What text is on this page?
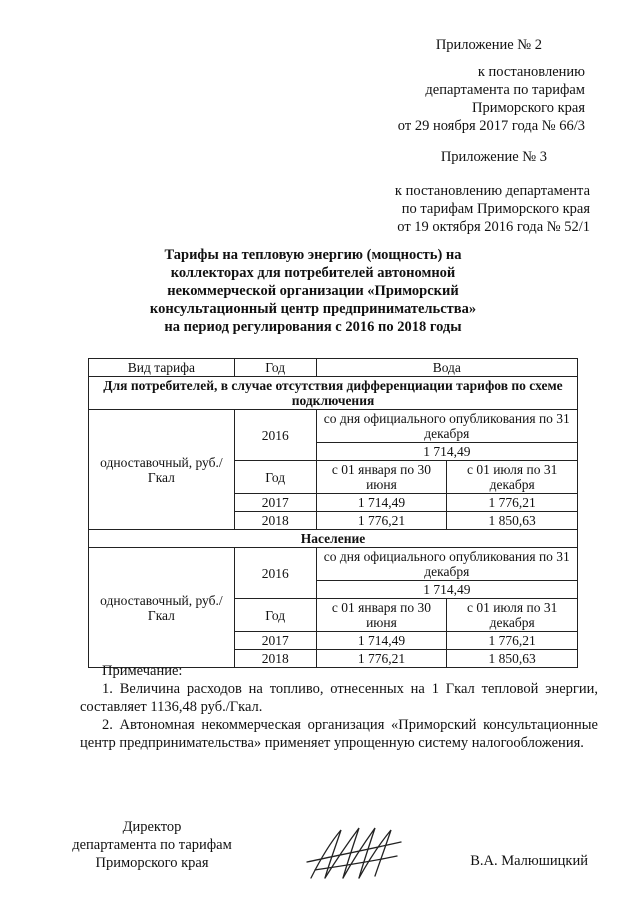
Приложение № 2
к постановлению
департамента по тарифам
Приморского края
от 29 ноября 2017 года № 66/3
Приложение № 3
к постановлению департамента
по тарифам Приморского края
от 19 октября 2016 года № 52/1
Тарифы на тепловую энергию (мощность) на
коллекторах для потребителей автономной
некоммерческой организации «Приморский
консультационный центр предпринимательства»
на период регулирования с 2016 по 2018 годы
Вид тарифа	Год	Вода	
Для потребителей, в случае отсутствия дифференциации тарифов по схеме подключения			
одноставочный, руб./Гкал	2016	со дня официального опубликования по 31 декабря	
		1 714,49	
	Год	с 01 января по 30 июня	с 01 июля по 31 декабря
	2017	1 714,49	1 776,21
	2018	1 776,21	1 850,63
Население			
одноставочный, руб./Гкал	2016	со дня официального опубликования по 31 декабря	
		1 714,49	
	Год	с 01 января по 30 июня	с 01 июля по 31 декабря
	2017	1 714,49	1 776,21
	2018	1 776,21	1 850,63
Примечание:
1. Величина расходов на топливо, отнесенных на 1 Гкал тепловой энергии, составляет 1136,48 руб./Гкал.
2. Автономная некоммерческая организация «Приморский консультационные центр предпринимательства» применяет упрощенную систему налогообложения.
Директор
департамента по тарифам
Приморского края	В.А. Малюшицкий
